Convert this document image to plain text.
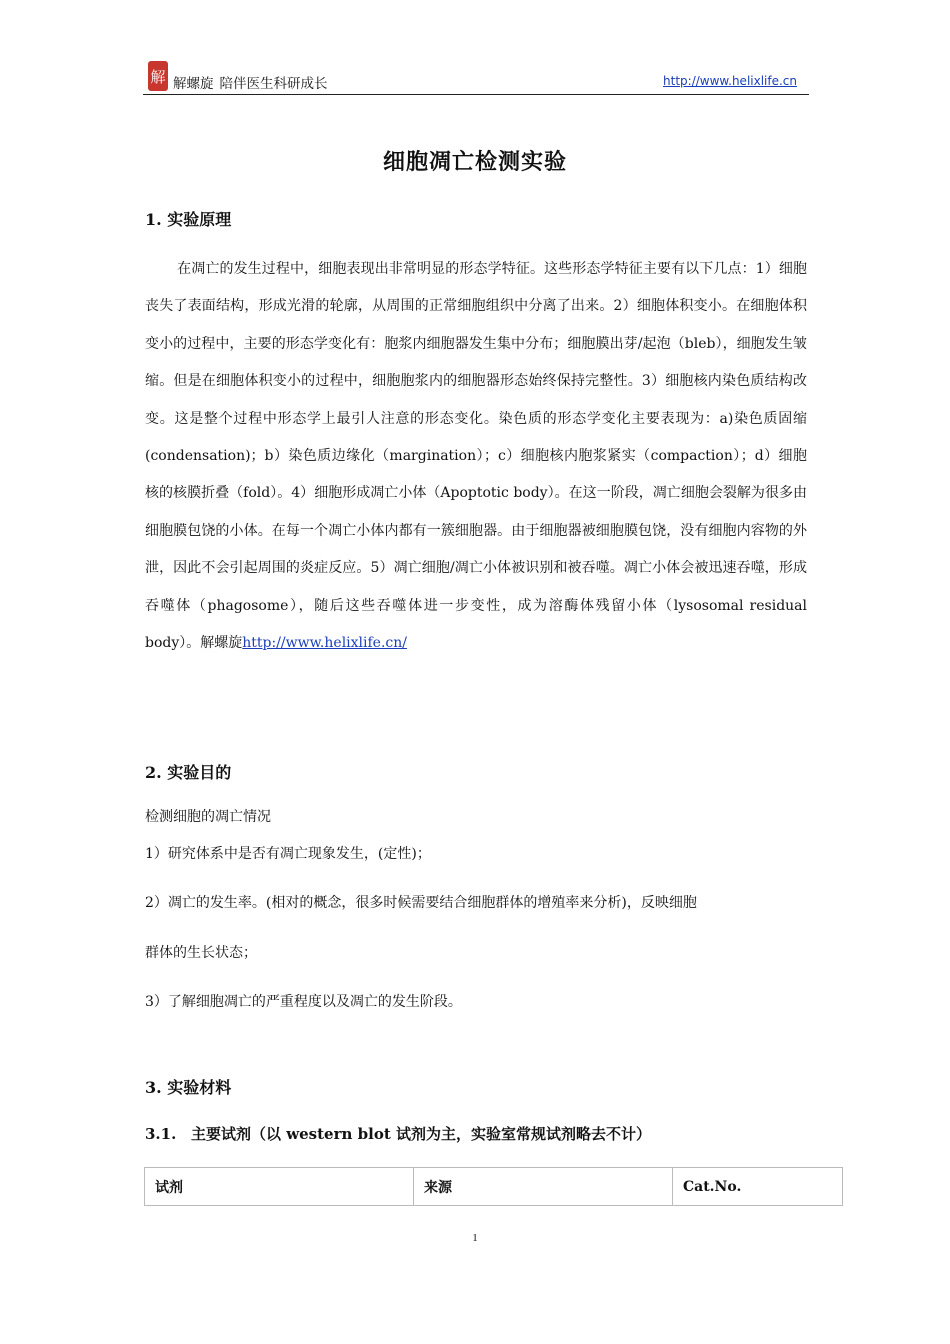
解 解螺旋 陪伴医生科研成长	http://www.helixlife.cn
细胞凋亡检测实验
1. 实验原理
在凋亡的发生过程中，细胞表现出非常明显的形态学特征。这些形态学特征主要有以下几点：1）细胞丧失了表面结构，形成光滑的轮廓，从周围的正常细胞组织中分离了出来。2）细胞体积变小。在细胞体积变小的过程中，主要的形态学变化有：胞浆内细胞器发生集中分布；细胞膜出芽/起泡（bleb），细胞发生皱缩。但是在细胞体积变小的过程中，细胞胞浆内的细胞器形态始终保持完整性。3）细胞核内染色质结构改变。这是整个过程中形态学上最引人注意的形态变化。染色质的形态学变化主要表现为：a)染色质固缩(condensation)；b）染色质边缘化（margination）；c）细胞核内胞浆紧实（compaction）；d）细胞核的核膜折叠（fold）。4）细胞形成凋亡小体（Apoptotic body）。在这一阶段，凋亡细胞会裂解为很多由细胞膜包饶的小体。在每一个凋亡小体内都有一簇细胞器。由于细胞器被细胞膜包饶，没有细胞内容物的外泄，因此不会引起周围的炎症反应。5）凋亡细胞/凋亡小体被识别和被吞噬。凋亡小体会被迅速吞噬，形成吞噬体（phagosome），随后这些吞噬体进一步变性，成为溶酶体残留小体（lysosomal residual body）。解螺旋http://www.helixlife.cn/
2. 实验目的
检测细胞的凋亡情况
1）研究体系中是否有凋亡现象发生，(定性)；
2）凋亡的发生率。(相对的概念，很多时候需要结合细胞群体的增殖率来分析)，反映细胞
群体的生长状态；
3）了解细胞凋亡的严重程度以及凋亡的发生阶段。
3. 实验材料
3.1. 主要试剂（以 western blot 试剂为主，实验室常规试剂略去不计）
试剂	来源	Cat.No.
1
